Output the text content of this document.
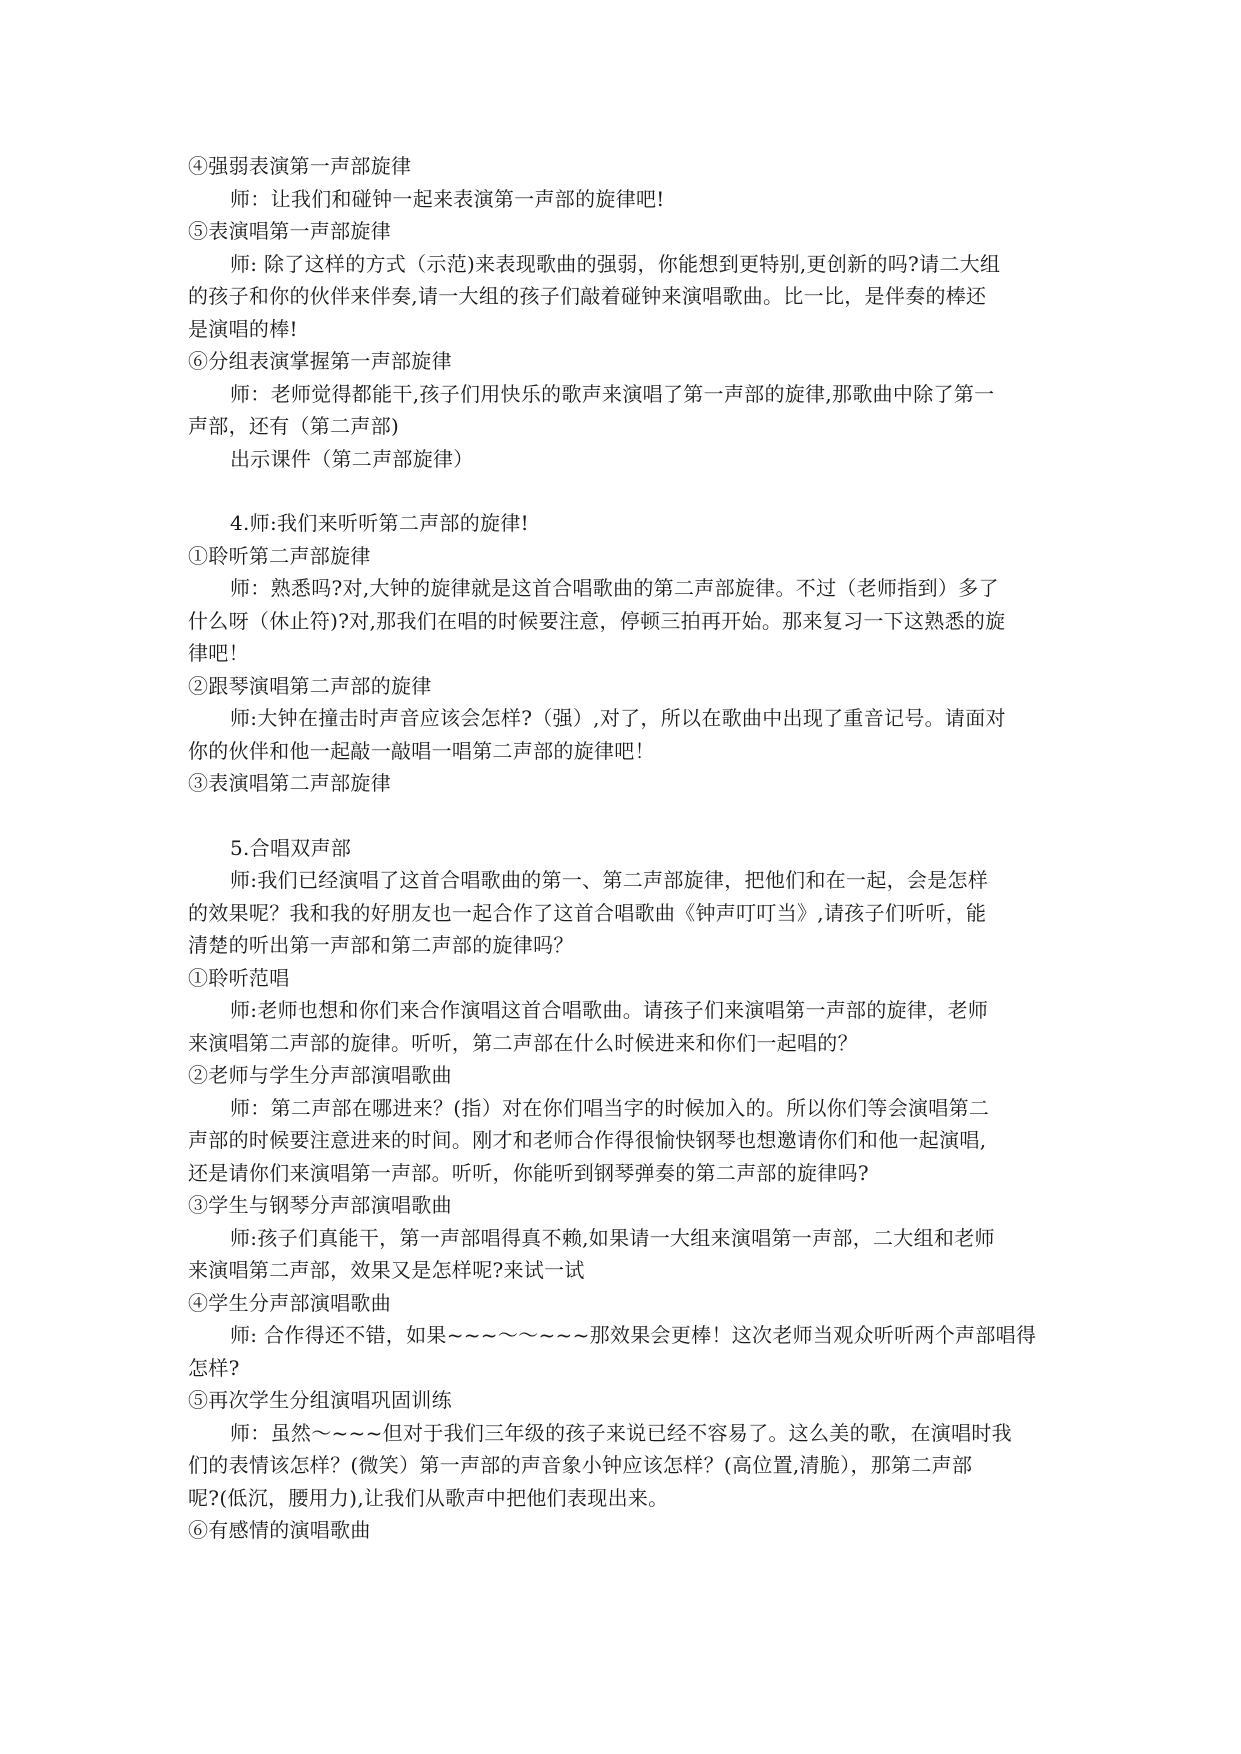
④强弱表演第一声部旋律
师：让我们和碰钟一起来表演第一声部的旋律吧!
⑤表演唱第一声部旋律
师: 除了这样的方式（示范)来表现歌曲的强弱，你能想到更特别,更创新的吗?请二大组
的孩子和你的伙伴来伴奏,请一大组的孩子们敲着碰钟来演唱歌曲。比一比，是伴奏的棒还
是演唱的棒!
⑥分组表演掌握第一声部旋律
师：老师觉得都能干,孩子们用快乐的歌声来演唱了第一声部的旋律,那歌曲中除了第一
声部，还有（第二声部)
出示课件（第二声部旋律）
4.师:我们来听听第二声部的旋律!
①聆听第二声部旋律
师：熟悉吗?对,大钟的旋律就是这首合唱歌曲的第二声部旋律。不过（老师指到）多了
什么呀（休止符)?对,那我们在唱的时候要注意，停顿三拍再开始。那来复习一下这熟悉的旋
律吧！
②跟琴演唱第二声部的旋律
师:大钟在撞击时声音应该会怎样?（强）,对了，所以在歌曲中出现了重音记号。请面对
你的伙伴和他一起敲一敲唱一唱第二声部的旋律吧！
③表演唱第二声部旋律
5.合唱双声部
师:我们已经演唱了这首合唱歌曲的第一、第二声部旋律，把他们和在一起，会是怎样
的效果呢？我和我的好朋友也一起合作了这首合唱歌曲《钟声叮叮当》,请孩子们听听，能
清楚的听出第一声部和第二声部的旋律吗？
①聆听范唱
师:老师也想和你们来合作演唱这首合唱歌曲。请孩子们来演唱第一声部的旋律，老师
来演唱第二声部的旋律。听听，第二声部在什么时候进来和你们一起唱的？
②老师与学生分声部演唱歌曲
师：第二声部在哪进来？(指）对在你们唱当字的时候加入的。所以你们等会演唱第二
声部的时候要注意进来的时间。刚才和老师合作得很愉快钢琴也想邀请你们和他一起演唱,
还是请你们来演唱第一声部。听听，你能听到钢琴弹奏的第二声部的旋律吗?
③学生与钢琴分声部演唱歌曲
师:孩子们真能干，第一声部唱得真不赖,如果请一大组来演唱第一声部，二大组和老师
来演唱第二声部，效果又是怎样呢?来试一试
④学生分声部演唱歌曲
师: 合作得还不错，如果~~~～～~~~那效果会更棒！这次老师当观众听听两个声部唱得
怎样?
⑤再次学生分组演唱巩固训练
师：虽然～~~~但对于我们三年级的孩子来说已经不容易了。这么美的歌，在演唱时我
们的表情该怎样？(微笑）第一声部的声音象小钟应该怎样？(高位置,清脆），那第二声部
呢?(低沉，腰用力),让我们从歌声中把他们表现出来。
⑥有感情的演唱歌曲
